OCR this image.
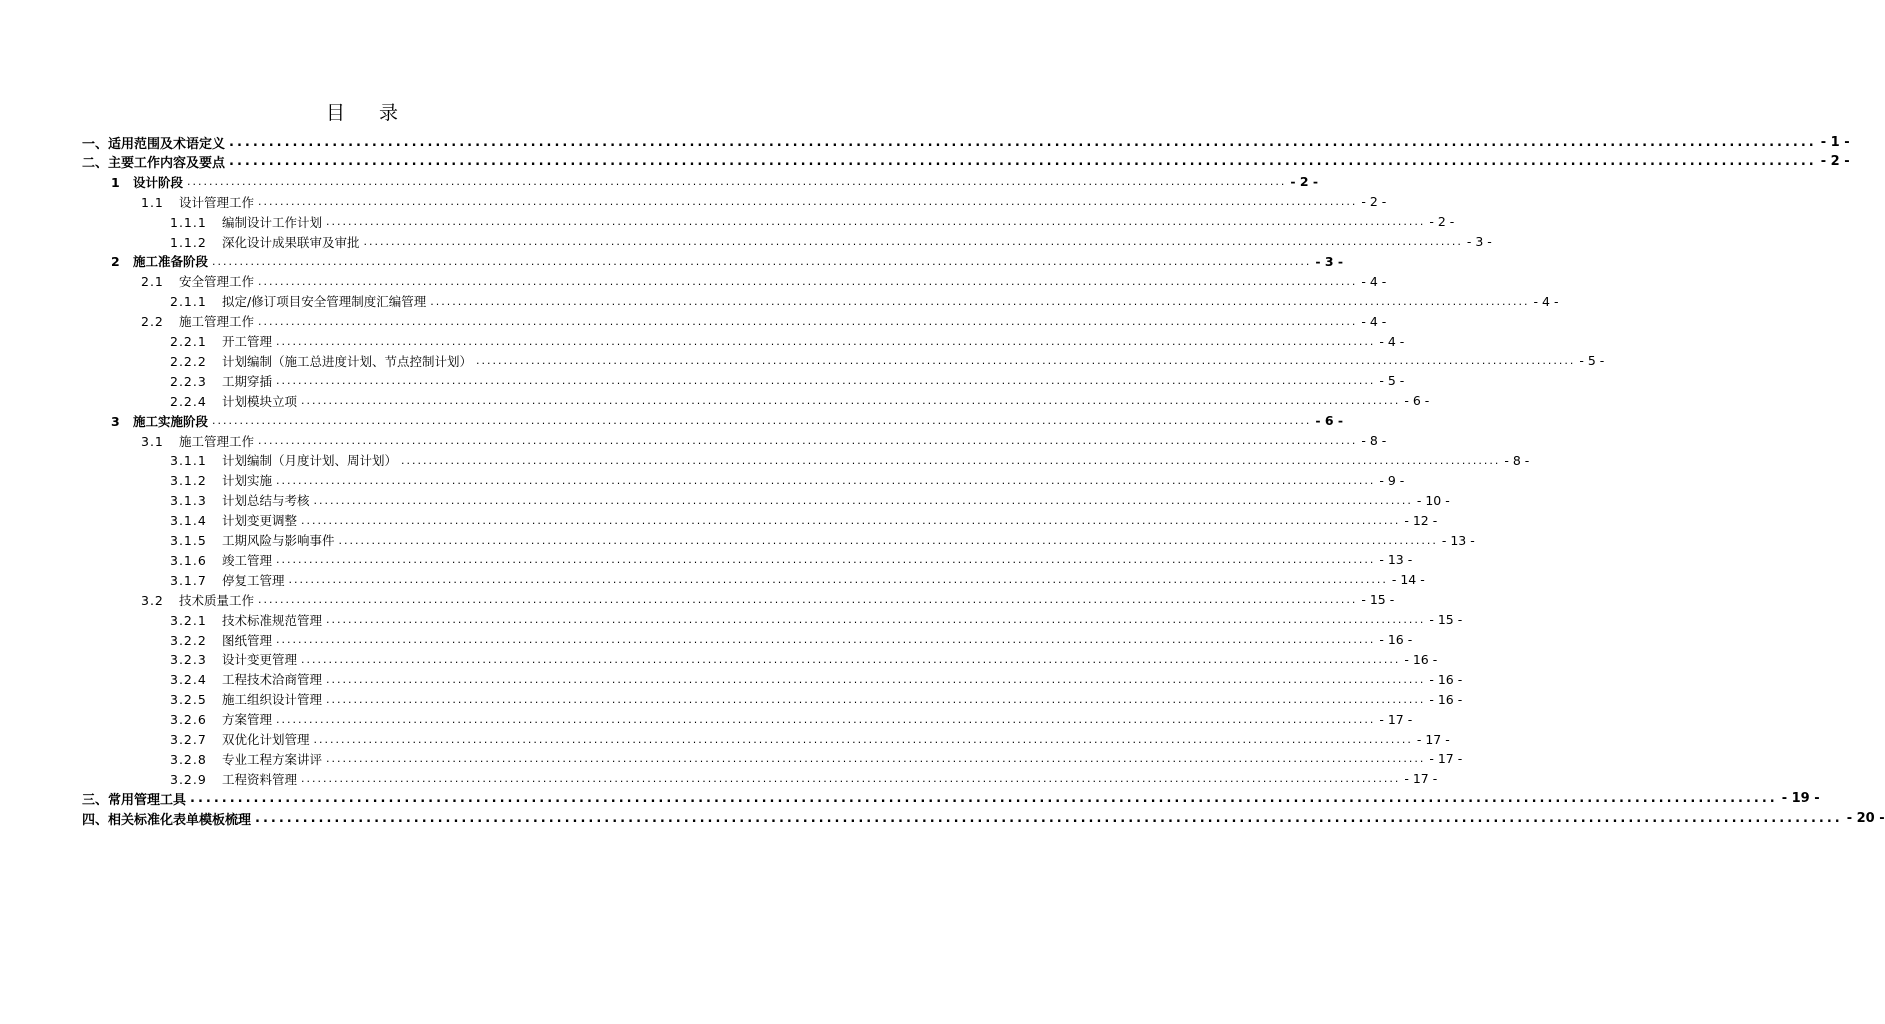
目 录
一、适用范围及术语定义 ........................................................................................................................................................................................................ - 1 -
二、主要工作内容及要点 ........................................................................................................................................................................................................ - 2 -
1 设计阶段 ........................................................................................................................................................................................................ - 2 -
1.1 设计管理工作 ........................................................................................................................................................................................................ - 2 -
1.1.1 编制设计工作计划 ........................................................................................................................................................................................................ - 2 -
1.1.2 深化设计成果联审及审批 ........................................................................................................................................................................................................ - 3 -
2 施工准备阶段 ........................................................................................................................................................................................................ - 3 -
2.1 安全管理工作 ........................................................................................................................................................................................................ - 4 -
2.1.1 拟定/修订项目安全管理制度汇编管理 ........................................................................................................................................................................................................ - 4 -
2.2 施工管理工作 ........................................................................................................................................................................................................ - 4 -
2.2.1 开工管理 ........................................................................................................................................................................................................ - 4 -
2.2.2 计划编制（施工总进度计划、节点控制计划） ........................................................................................................................................................................................................ - 5 -
2.2.3 工期穿插 ........................................................................................................................................................................................................ - 5 -
2.2.4 计划模块立项 ........................................................................................................................................................................................................ - 6 -
3 施工实施阶段 ........................................................................................................................................................................................................ - 6 -
3.1 施工管理工作 ........................................................................................................................................................................................................ - 8 -
3.1.1 计划编制（月度计划、周计划） ........................................................................................................................................................................................................ - 8 -
3.1.2 计划实施 ........................................................................................................................................................................................................ - 9 -
3.1.3 计划总结与考核 ........................................................................................................................................................................................................ - 10 -
3.1.4 计划变更调整 ........................................................................................................................................................................................................ - 12 -
3.1.5 工期风险与影响事件 ........................................................................................................................................................................................................ - 13 -
3.1.6 竣工管理 ........................................................................................................................................................................................................ - 13 -
3.1.7 停复工管理 ........................................................................................................................................................................................................ - 14 -
3.2 技术质量工作 ........................................................................................................................................................................................................ - 15 -
3.2.1 技术标准规范管理 ........................................................................................................................................................................................................ - 15 -
3.2.2 图纸管理 ........................................................................................................................................................................................................ - 16 -
3.2.3 设计变更管理 ........................................................................................................................................................................................................ - 16 -
3.2.4 工程技术洽商管理 ........................................................................................................................................................................................................ - 16 -
3.2.5 施工组织设计管理 ........................................................................................................................................................................................................ - 16 -
3.2.6 方案管理 ........................................................................................................................................................................................................ - 17 -
3.2.7 双优化计划管理 ........................................................................................................................................................................................................ - 17 -
3.2.8 专业工程方案讲评 ........................................................................................................................................................................................................ - 17 -
3.2.9 工程资料管理 ........................................................................................................................................................................................................ - 17 -
三、常用管理工具 ........................................................................................................................................................................................................ - 19 -
四、相关标准化表单模板梳理 ........................................................................................................................................................................................................ - 20 -
